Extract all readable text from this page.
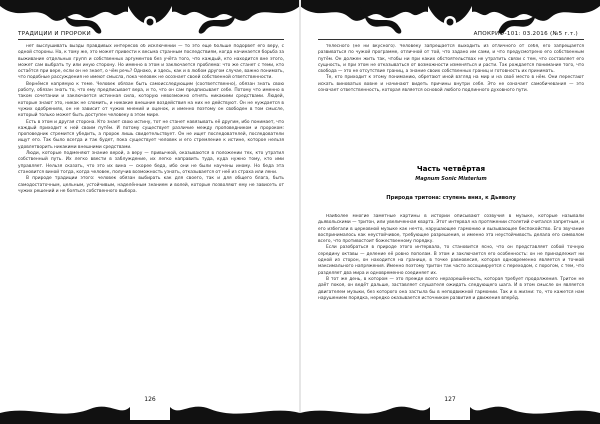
ТРАДИЦИИ И ПРОРОКИ	АПОКРИФ-101: 03.2016 (№5 г.т.)

нет выслушивать вызды правдивых интересов об исключении — то это ещё больше подорвёт его веру, с одной стороны. На, к тому же, это может привести к весьма странным последствиям, когда начинается борьба за выживание отдельных групп и собственных аргументов без учёта того, что каждый, кто находится вне этого, может сам выбрать ту или иную сторону. Но именно в этом и заключается проблема: что же станет с теми, кто остаётся при вере, если он не знает, о чём речь? Однако, и здесь, как и в любом другом случае, важно понимать, что подобные рассуждения не имеют смысла, пока человек не осознает своей собственной ответственности.

Вернёмся напрямую к теме. Человек обязан быть самоисследующим (соответственно), обязан знать свою работу, обязан знать то, что ему предписывает вера, и то, что он сам предписывает себе. Потому что именно в таком сочетании и заключается истинная сила, которую невозможно отнять никакими средствами. Людей, которые знают это, никак не сломить, и никакие внешние воздействия на них не действуют. Он не нуждается в чужих одобрениях, он не зависит от чужих мнений и оценок, и именно поэтому он свободен в том смысле, который только может быть доступен человеку в этом мире.

Есть в этом и другая сторона. Кто знает свою истину, тот не станет навязывать её другим, ибо понимает, что каждый приходит к ней своим путём. И потому существует различие между проповедником и пророком: проповедник стремится убедить, а пророк лишь свидетельствует. Он не ищет последователей, последователи ищут его. Так было всегда и так будет, пока существует человек и его стремление к истине, которое нельзя удовлетворить никакими внешними средствами.

Люди, которые подменяют знание верой, а веру — привычкой, оказываются в положении тех, кто утратил собственный путь. Их легко ввести в заблуждение, их легко направить туда, куда нужно тому, кто ими управляет. Нельзя сказать, что это их вина — скорее беда, ибо они не были научены иному. Но беда эта становится виной тогда, когда человек, получив возможность узнать, отказывается от неё из страха или лени.

В природе традиции этого: человек обязан выбирать как для своего, так и для общего блага, быть самодостаточным, цельным, устойчивым, наделённым знанием и волей, которые позволяют ему не зависеть от чужих решений и не бояться собственного выбора.

телесного (не ни вкусного). Человеку запрещается выходить из отличного от себя, его запрещается развиваться по чужой программе, отличной от той, что задано им сами, и что предусмотрено его собственным путём. Он должен жить так, чтобы ни при каких обстоятельствах не утратить связи с тем, что составляет его сущность, и при этом не отказываться от возможности изменяться и расти. Так рождается понимание того, что свобода — это не отсутствие границ, а знание своих собственных границ и готовность их принимать.

Те, кто приходит к этому пониманию, обретают иной взгляд на мир и на своё место в нём. Они перестают искать виноватых вовне и начинают видеть причины внутри себя. Это не означает самобичевания — это означает ответственность, которая является основой любого подлинного духовного пути.

Часть четвёртая
Magnum Sonic Misterium
Природа тритона: ступень вниз, к Дьяволу

Наиболее многие заметные картины в истории описывают созвучия в музыке, которые называли дьявольскими — тритон, или увеличенная кварта. Этот интервал на протяжении столетий считался запретным, и его избегали в церковной музыке как нечто, нарушающее гармонию и вызывающее беспокойство. Его звучание воспринималось как неустойчивое, требующее разрешения, и именно эта неустойчивость делала его символом всего, что противостоит божественному порядку.

Если разобраться в природе этого интервала, то становится ясно, что он представляет собой точную середину октавы — деление её ровно пополам. В этом и заключается его особенность: он не принадлежит ни одной из сторон, он находится на границе, в точке равновесия, которая одновременно является и точкой максимального напряжения. Именно поэтому тритон так часто ассоциируется с переходом, с порогом, с тем, что разделяет два мира и одновременно соединяет их.

В тот же день, в котором — это прежде всего неразрешённость, которая требует продолжения. Тритон не даёт покоя, он ведёт дальше, заставляет слушателя ожидать следующего шага. И в этом смысле он является двигателем музыки, без которого она застыла бы в неподвижной гармонии. Так и в жизни: то, что кажется нам нарушением порядка, нередко оказывается источником развития и движения вперёд.

126	127
